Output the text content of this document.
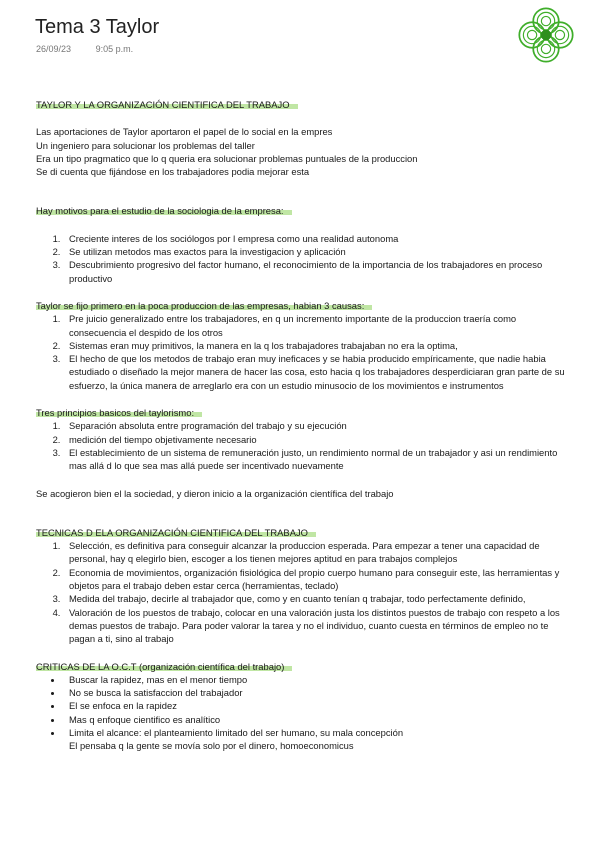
Tema 3 Taylor
26/09/23	9:05 p.m.

TAYLOR Y LA ORGANIZACIÓN CIENTIFICA DEL TRABAJO

Las aportaciones de Taylor aportaron el papel de lo social en la empres

Un ingeniero para solucionar los problemas del taller

Era un tipo pragmatico que lo q queria era solucionar problemas puntuales de la produccion

Se di cuenta que fijándose en los trabajadores podia mejorar esta

Hay motivos para el estudio de la sociologia de la empresa:

1. Creciente interes de los sociólogos por l empresa como una realidad autonoma
2. Se utilizan metodos mas exactos para la investigacion y aplicación
3. Descubrimiento progresivo del factor humano, el reconocimiento de la importancia de los trabajadores en proceso productivo

Taylor se fijo primero en la poca produccion de las empresas, habian 3 causas:

1. Pre juicio generalizado entre los trabajadores, en q un incremento importante de la produccion traería como consecuencia el despido de los otros
2. Sistemas eran muy primitivos, la manera en la q los trabajadores trabajaban no era la optima,
3. El hecho de que los metodos de trabajo eran muy ineficaces y se habia producido empíricamente, que nadie habia estudiado o diseñado la mejor manera de hacer las cosa, esto hacia q los trabajadores desperdiciaran gran parte de su esfuerzo, la única manera de arreglarlo era con un estudio minusocio de los movimientos e instrumentos

Tres principios basicos del taylorismo:

1. Separación absoluta entre programación del trabajo y su ejecución
2. medición del tiempo objetivamente necesario
3. El establecimiento de un sistema de remuneración justo, un rendimiento normal de un trabajador y asi un rendimiento mas allá d lo que sea mas allá puede ser incentivado nuevamente

Se acogieron bien el la sociedad, y dieron inicio a la organización científica del trabajo

TECNICAS D ELA ORGANIZACIÓN CIENTIFICA DEL TRABAJO

1. Selección, es definitiva para conseguir alcanzar la produccion esperada. Para empezar a tener una capacidad de personal, hay q elegirlo bien, escoger a los tienen mejores aptitud en para trabajos complejos
2. Economia de movimientos, organización fisiológica del propio cuerpo humano para conseguir este, las herramientas y objetos para el trabajo deben estar cerca (herramientas, teclado)
3. Medida del trabajo, decirle al trabajador que, como y en cuanto tenían q trabajar, todo perfectamente definido,
4. Valoración de los puestos de trabajo, colocar en una valoración justa los distintos puestos de trabajo con respeto a los demas puestos de trabajo. Para poder valorar la tarea y no el individuo, cuanto cuesta en términos de empleo no te pagan a ti, sino al trabajo

CRITICAS DE LA O.C.T (organización científica del trabajo)

• Buscar la rapidez, mas en el menor tiempo
• No se busca la satisfaccion del trabajador
• El se enfoca en la rapidez
• Mas q enfoque cientifico es analítico
• Limita el alcance: el planteamiento limitado del ser humano, su mala concepción

El pensaba q la gente se movía solo por el dinero, homoeconomicus
